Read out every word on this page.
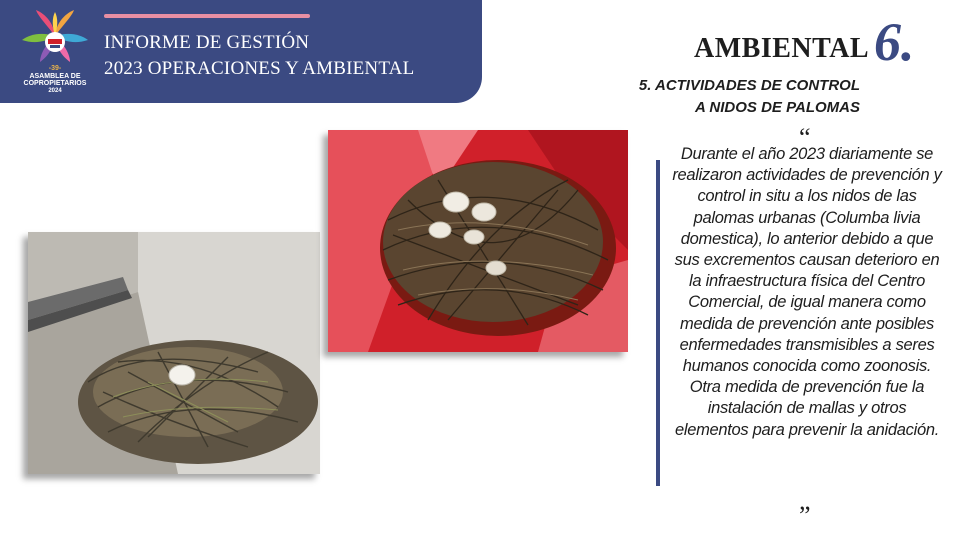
-39-
ASAMBLEA DE
COPROPIETARIOS
2024
INFORME DE GESTIÓN
2023 OPERACIONES Y AMBIENTAL
AMBIENTAL 6.
5. ACTIVIDADES DE CONTROL
A NIDOS DE PALOMAS
“
Durante el año 2023 diariamente se realizaron actividades de prevención y control in situ a los nidos de las palomas urbanas (Columba livia domestica), lo anterior debido a que sus excrementos causan deterioro en la infraestructura física del Centro Comercial, de igual manera como medida de prevención ante posibles enfermedades transmisibles a seres humanos conocida como zoonosis. Otra medida de prevención fue la instalación de mallas y otros elementos para prevenir la anidación.
”
